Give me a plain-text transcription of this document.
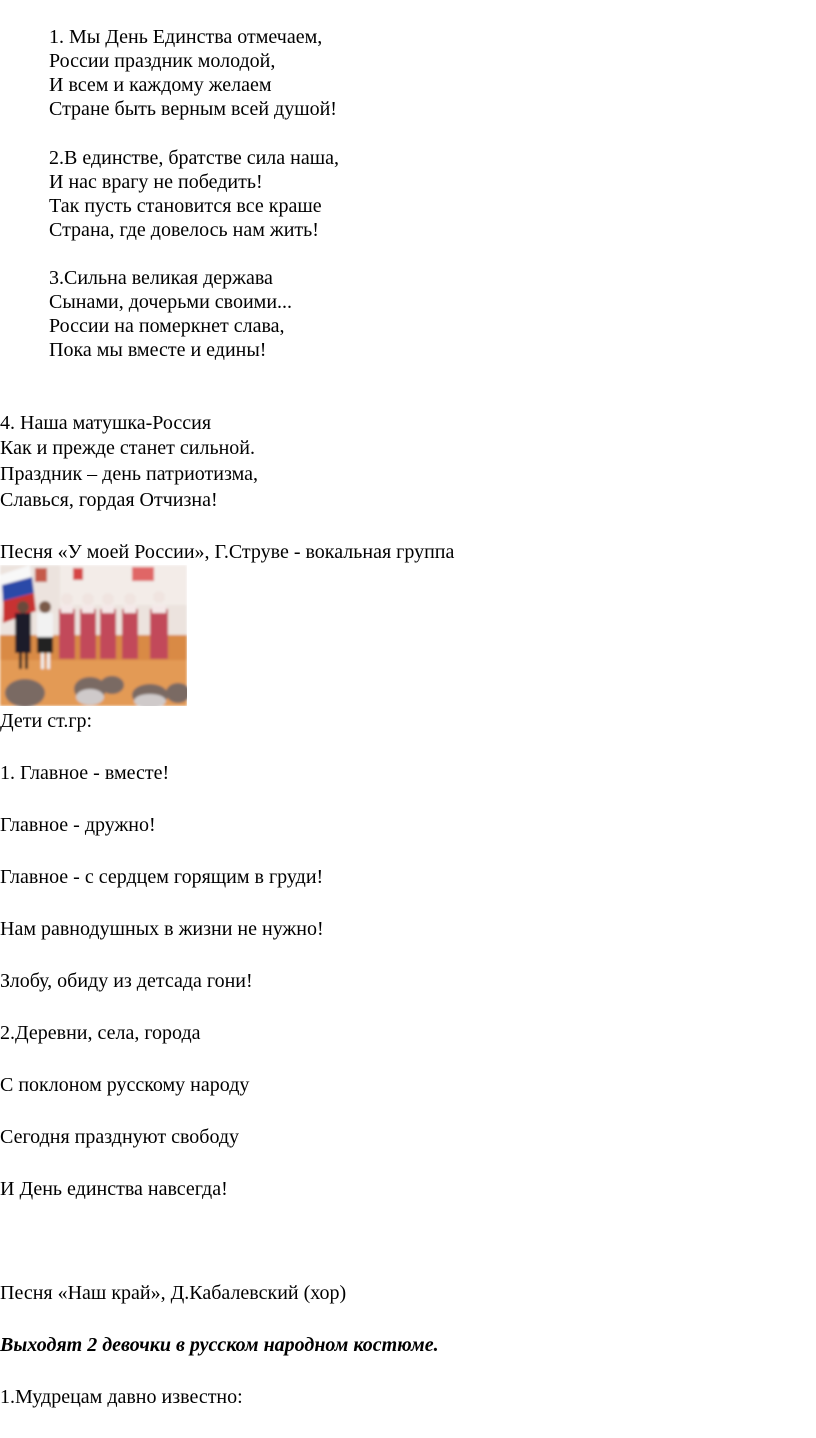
1. Мы День Единства отмечаем,
России праздник молодой,
И всем и каждому желаем
Стране быть верным всей душой!
2.В единстве, братстве сила наша,
И нас врагу не победить!
Так пусть становится все краше
Страна, где довелось нам жить!
3.Сильна великая держава
Сынами, дочерьми своими...
России на померкнет слава,
Пока мы вместе и едины!
4. Наша матушка-Россия
Как и прежде станет сильной.
Праздник – день патриотизма,
Славься, гордая Отчизна!
Песня «У моей России», Г.Струве - вокальная группа
Дети ст.гр:
1. Главное - вместе!
Главное - дружно!
Главное - с сердцем горящим в груди!
Нам равнодушных в жизни не нужно!
Злобу, обиду из детсада гони!
2.Деревни, села, города
С поклоном русскому народу
Сегодня празднуют свободу
И День единства навсегда!
Песня «Наш край», Д.Кабалевский (хор)
Выходят 2 девочки в русском народном костюме.
1.Мудрецам давно известно:
